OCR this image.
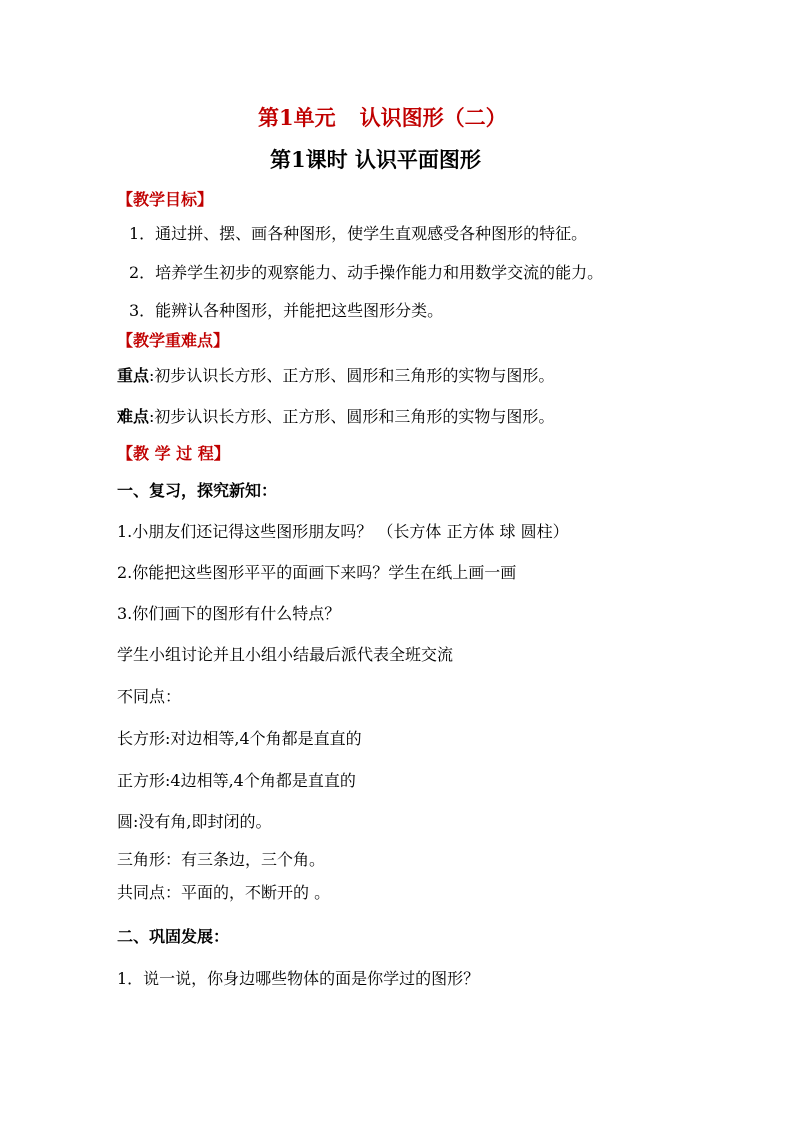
第1单元 认识图形（二）
第1课时 认识平面图形
【教学目标】
1．通过拼、摆、画各种图形，使学生直观感受各种图形的特征。
2．培养学生初步的观察能力、动手操作能力和用数学交流的能力。
3．能辨认各种图形，并能把这些图形分类。
【教学重难点】
重点:初步认识长方形、正方形、圆形和三角形的实物与图形。
难点:初步认识长方形、正方形、圆形和三角形的实物与图形。
【教 学 过 程】
一、复习，探究新知：
1.小朋友们还记得这些图形朋友吗？ （长方体 正方体 球 圆柱）
2.你能把这些图形平平的面画下来吗？学生在纸上画一画
3.你们画下的图形有什么特点？
学生小组讨论并且小组小结最后派代表全班交流
不同点：
长方形:对边相等,4个角都是直直的
正方形:4边相等,4个角都是直直的
圆:没有角,即封闭的。
三角形：有三条边，三个角。
共同点：平面的，不断开的 。
二、巩固发展：
1．说一说，你身边哪些物体的面是你学过的图形？
